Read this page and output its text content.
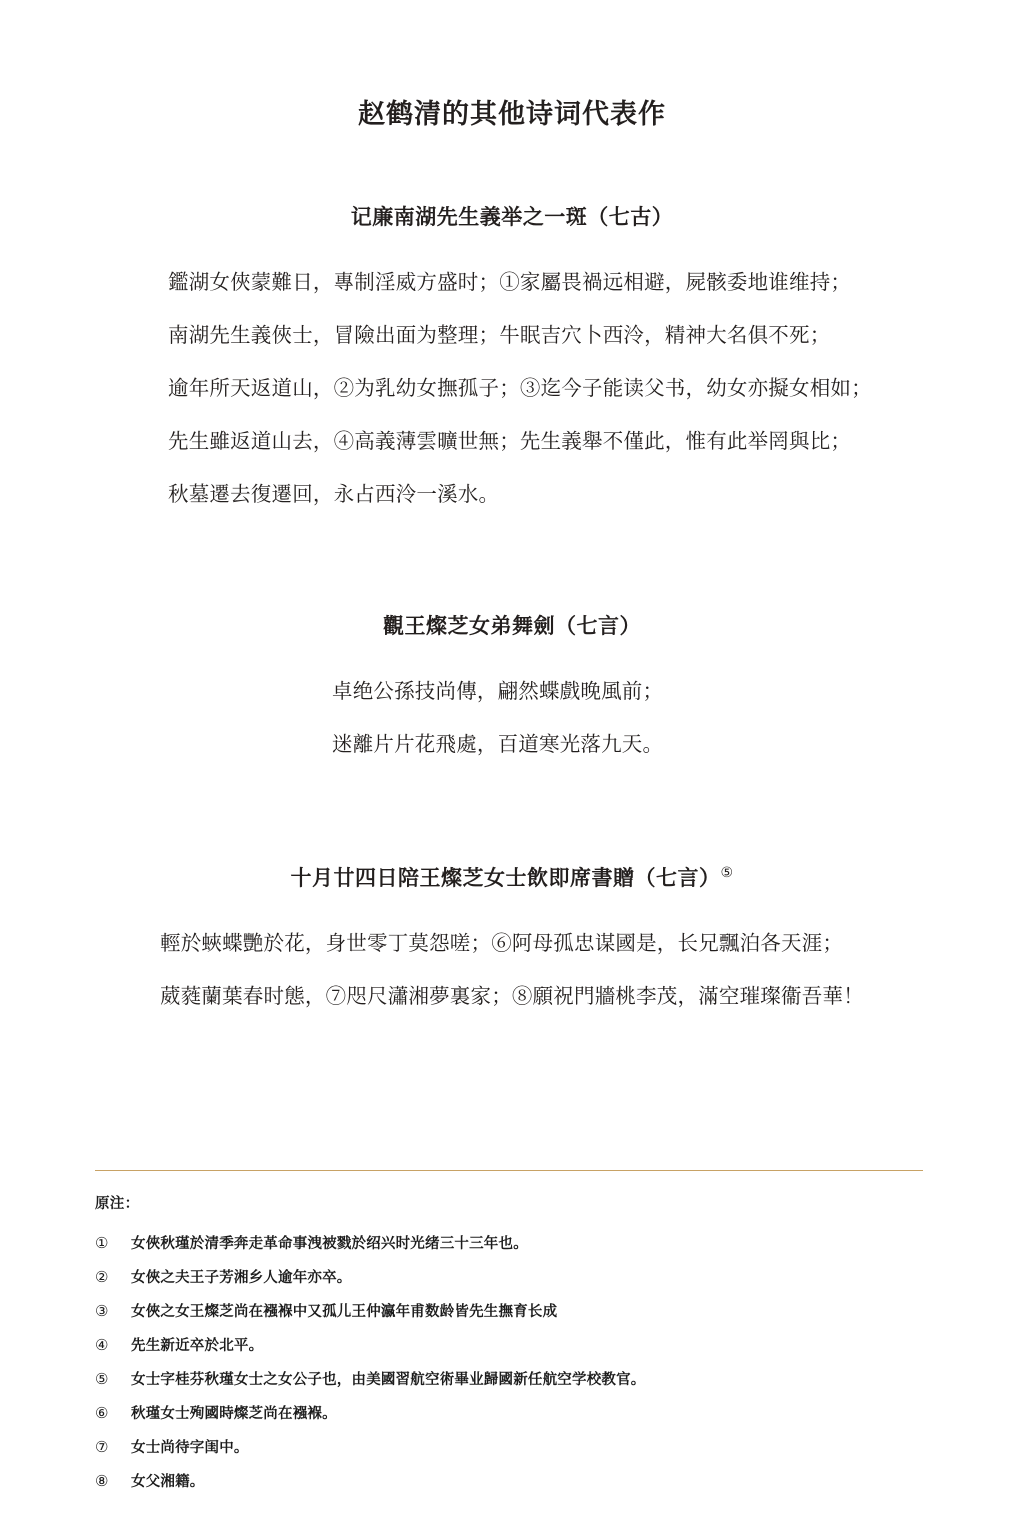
赵鹤清的其他诗词代表作
记廉南湖先生義举之一斑（七古）
鑑湖女俠蒙難日，專制淫威方盛时；①家屬畏禍远相避，屍骸委地谁维持；
南湖先生義俠士，冒險出面为整理；牛眠吉穴卜西泠，精神大名俱不死；
逾年所天返道山，②为乳幼女撫孤子；③迄今子能读父书，幼女亦擬女相如；
先生雖返道山去，④高義薄雲曠世無；先生義舉不僅此，惟有此举罔與比；
秋墓遷去復遷回，永占西泠一溪水。
觀王燦芝女弟舞劍（七言）
卓绝公孫技尚傳，翩然蝶戲晚風前；
迷離片片花飛處，百道寒光落九天。
十月廿四日陪王燦芝女士飲即席書贈（七言）⑤
輕於蛺蝶艷於花，身世零丁莫怨嗟；⑥阿母孤忠谋國是，长兄飄泊各天涯；
葳蕤蘭葉春时態，⑦咫尺瀟湘夢裏家；⑧願祝門牆桃李茂，滿空璀璨衞吾華！
原注：
①	女俠秋瑾於清季奔走革命事洩被戮於绍兴时光绪三十三年也。
②	女俠之夫王子芳湘乡人逾年亦卒。
③	女俠之女王燦芝尚在襁褓中又孤儿王仲瀛年甫数龄皆先生撫育长成
④	先生新近卒於北平。
⑤	女士字桂芬秋瑾女士之女公子也，由美國習航空術畢业歸國新任航空学校教官。
⑥	秋瑾女士殉國時燦芝尚在襁褓。
⑦	女士尚待字闺中。
⑧	女父湘籍。
